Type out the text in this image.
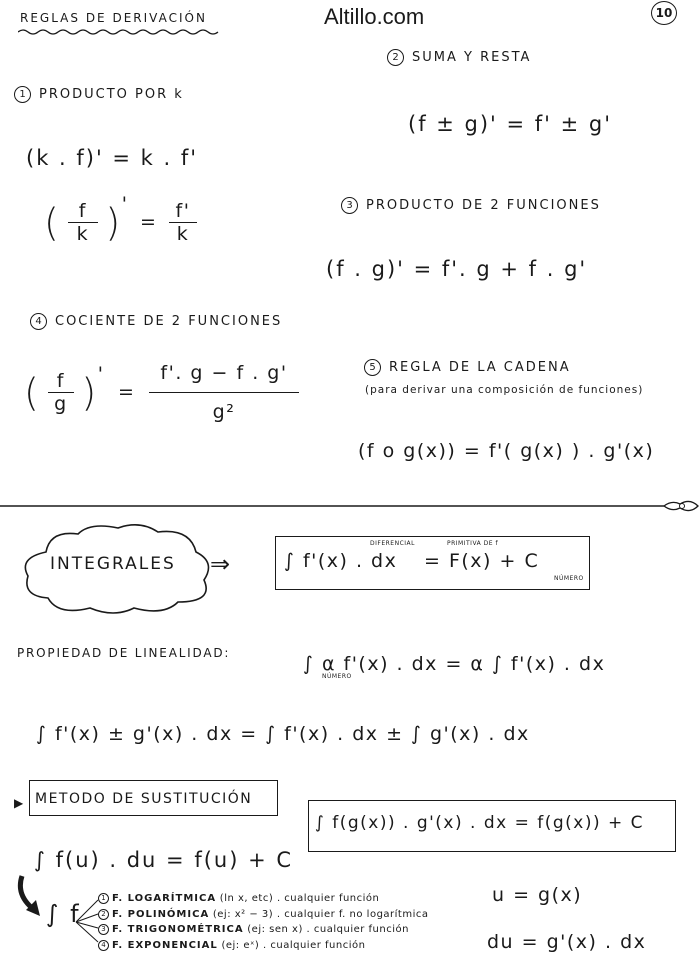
REGLAS DE DERIVACIÓN	Altillo.com	10
1 PRODUCTO POR k
(k . f)' = k . f'
( $\frac{f}{k}$ )' = $\frac{f'}{k}$
2 SUMA Y RESTA
(f ± g)' = f' ± g'
3 PRODUCTO DE 2 FUNCIONES
(f . g)' = f'. g + f . g'
4 COCIENTE DE 2 FUNCIONES
( $\frac{f}{g}$ )' = $\frac{f'. g - f . g'}{\text{g²}}$	5 REGLA DE LA CADENA
(para derivar una composición de funciones)
(f o g(x)) = f'( g(x) ) . g'(x)
INTEGRALES ⇒	∫ f'(x) . dx = F(x) + C
DIFERENCIAL	PRIMITIVA DE f
NÚMERO
PROPIEDAD DE LINEALIDAD:	∫ α f'(x) . dx = α ∫ f'(x) . dx
NÚMERO
∫ f'(x) ± g'(x) . dx = ∫ f'(x) . dx ± ∫ g'(x) . dx
▶ METODO DE SUSTITUCIÓN
∫ f(g(x)) . g'(x) . dx = f(g(x)) + C
∫ f(u) . du = f(u) + C
u = g(x)
du = g'(x) . dx
∫ f
1 F. LOGARÍTMICA (ln x, etc) . cualquier función
2 F. POLINÓMICA (ej: x² − 3) . cualquier f. no logarítmica
3 F. TRIGONOMÉTRICA (ej: sen x) . cualquier función
4 F. EXPONENCIAL (ej: eˣ) . cualquier función
